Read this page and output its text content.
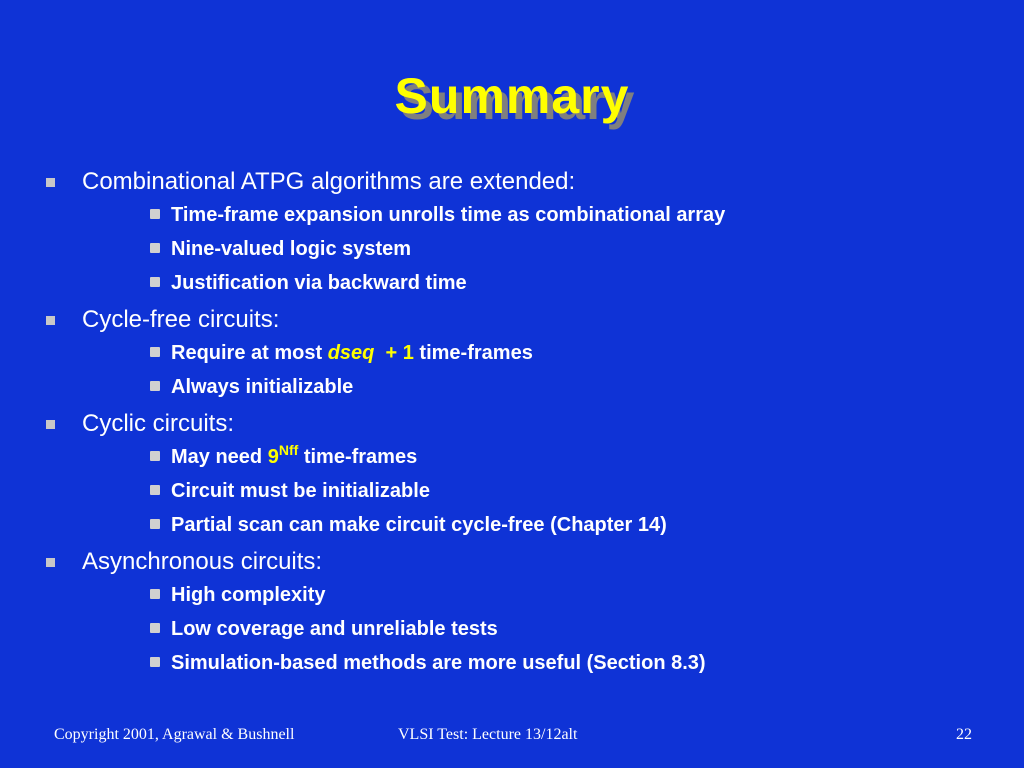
Summary
Combinational ATPG algorithms are extended:
Time-frame expansion unrolls time as combinational array
Nine-valued logic system
Justification via backward time
Cycle-free circuits:
Require at most dseq + 1 time-frames
Always initializable
Cyclic circuits:
May need $9^{Nff}$ time-frames
Circuit must be initializable
Partial scan can make circuit cycle-free (Chapter 14)
Asynchronous circuits:
High complexity
Low coverage and unreliable tests
Simulation-based methods are more useful (Section 8.3)
Copyright 2001, Agrawal & Bushnell	VLSI Test: Lecture 13/12alt	22
